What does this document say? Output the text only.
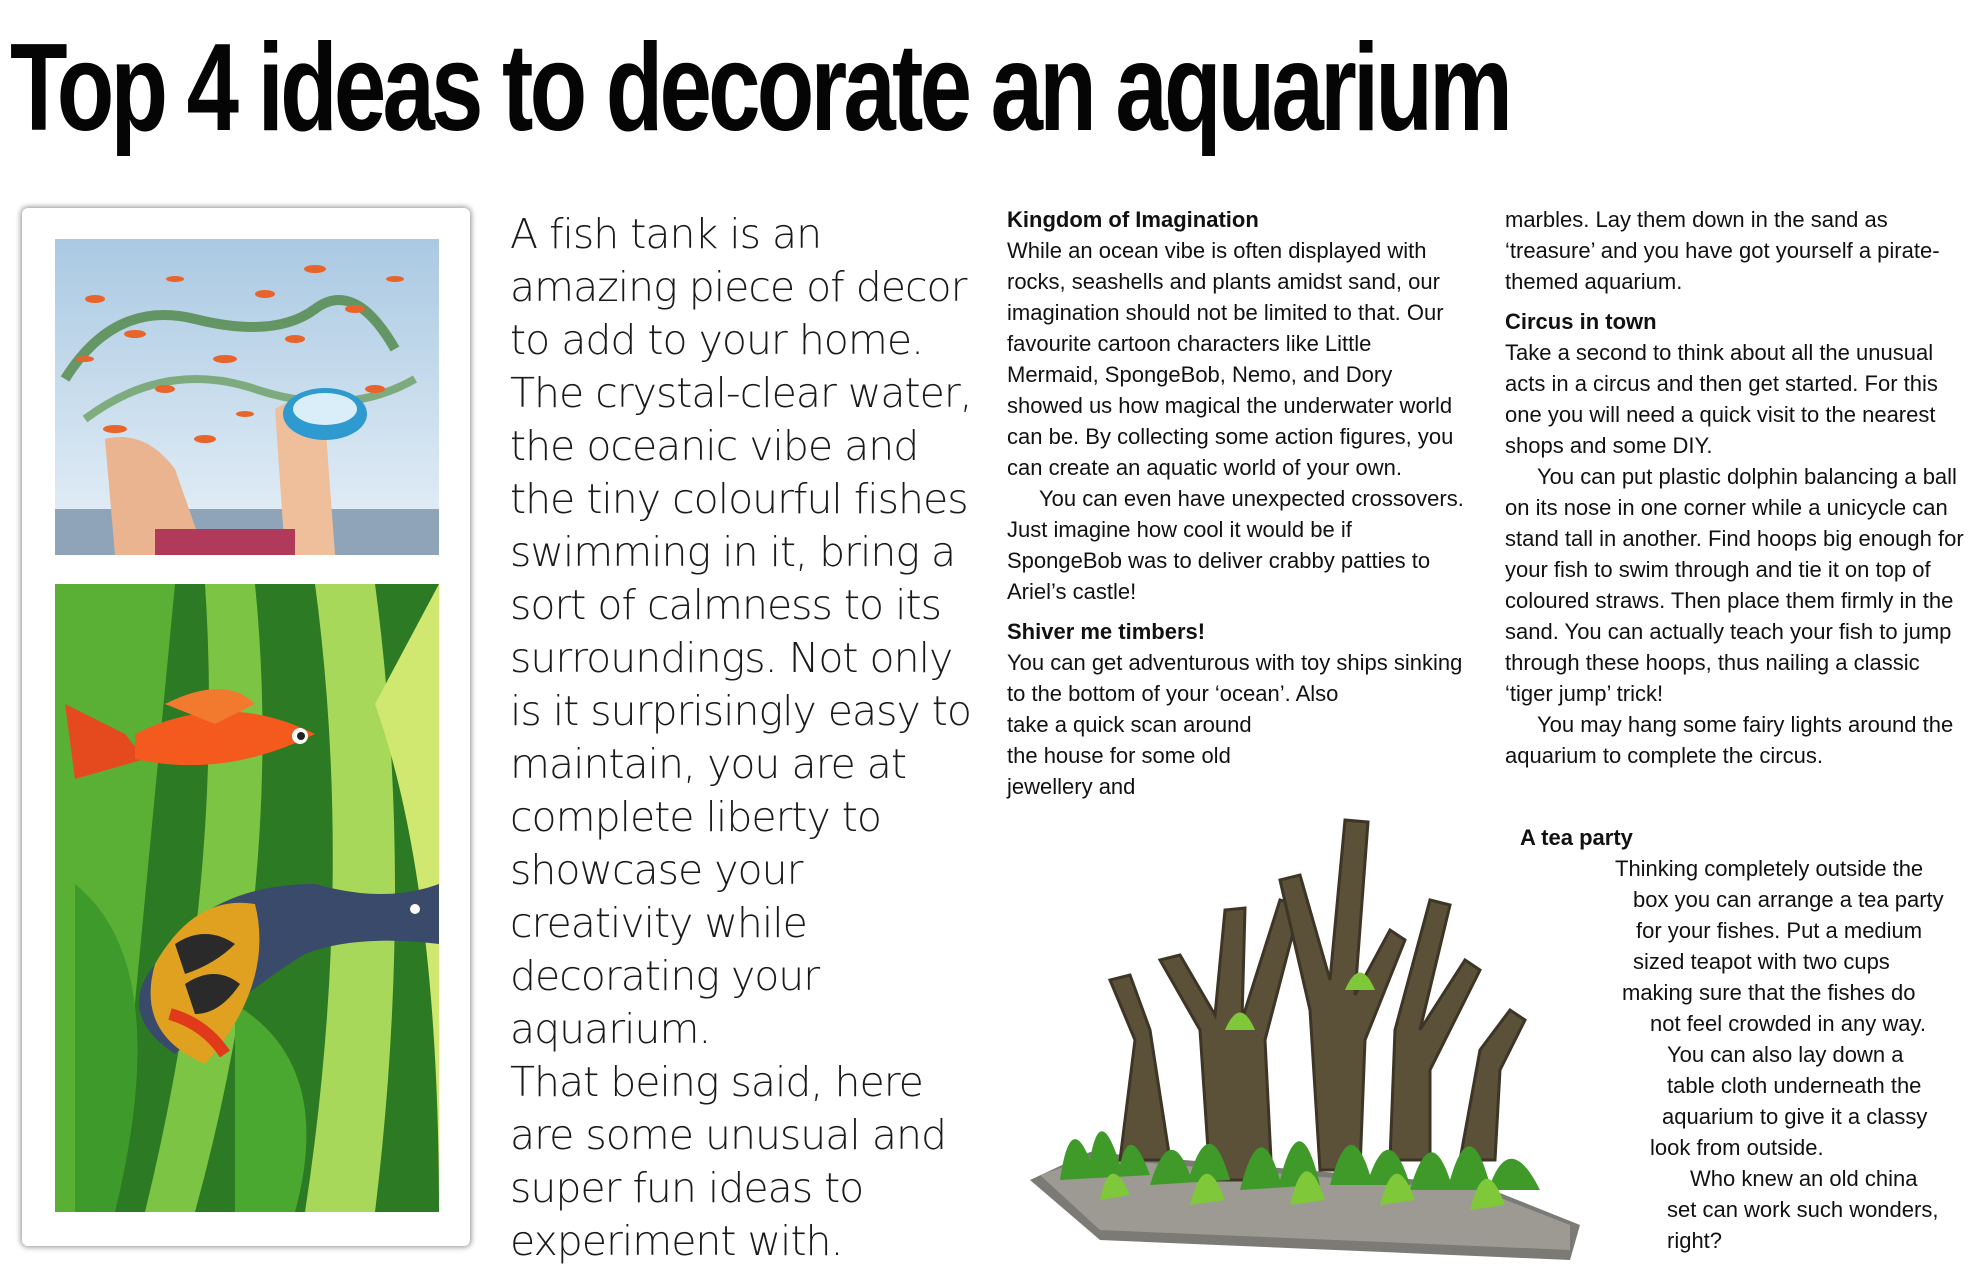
Top 4 ideas to decorate an aquarium

A fish tank is an amazing piece of decor to add to your home. The crystal-clear water, the oceanic vibe and the tiny colourful fishes swimming in it, bring a sort of calmness to its surroundings. Not only is it surprisingly easy to maintain, you are at complete liberty to showcase your creativity while decorating your aquarium.

That being said, here are some unusual and super fun ideas to experiment with.

Kingdom of Imagination

While an ocean vibe is often displayed with rocks, seashells and plants amidst sand, our imagination should not be limited to that. Our favourite cartoon characters like Little Mermaid, SpongeBob, Nemo, and Dory showed us how magical the underwater world can be. By collecting some action figures, you can create an aquatic world of your own.

You can even have unexpected crossovers. Just imagine how cool it would be if SpongeBob was to deliver crabby patties to Ariel’s castle!

Shiver me timbers!

You can get adventurous with toy ships sinking to the bottom of your ‘ocean’. Also

take a quick scan around the house for some old jewellery and

marbles. Lay them down in the sand as ‘treasure’ and you have got yourself a pirate-themed aquarium.

Circus in town

Take a second to think about all the unusual acts in a circus and then get started. For this one you will need a quick visit to the nearest shops and some DIY.

You can put plastic dolphin balancing a ball on its nose in one corner while a unicycle can stand tall in another. Find hoops big enough for your fish to swim through and tie it on top of coloured straws. Then place them firmly in the sand. You can actually teach your fish to jump through these hoops, thus nailing a classic ‘tiger jump’ trick!

You may hang some fairy lights around the aquarium to complete the circus.

A tea party
Thinking completely outside the
box you can arrange a tea party
for your fishes. Put a medium
sized teapot with two cups
making sure that the fishes do
not feel crowded in any way.
You can also lay down a
table cloth underneath the
aquarium to give it a classy
look from outside.
Who knew an old china
set can work such wonders,
right?
